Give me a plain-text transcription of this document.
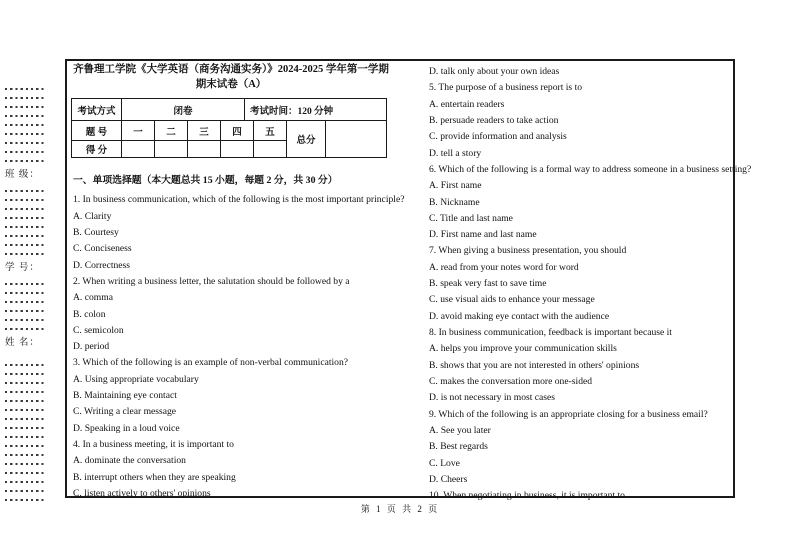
班 级：
学 号：
姓 名：
齐鲁理工学院《大学英语（商务沟通实务）》2024-2025 学年第一学期
期末试卷（A）
考试方式	闭卷				考试时间：120 分钟			
题 号	一	二	三	四		五	总分	
得 分								
一、单项选择题（本大题总共 15 小题，每题 2 分，共 30 分）
1. In business communication, which of the following is the most important principle?
A. Clarity
B. Courtesy
C. Conciseness
D. Correctness
2. When writing a business letter, the salutation should be followed by a
A. comma
B. colon
C. semicolon
D. period
3. Which of the following is an example of non-verbal communication?
A. Using appropriate vocabulary
B. Maintaining eye contact
C. Writing a clear message
D. Speaking in a loud voice
4. In a business meeting, it is important to
A. dominate the conversation
B. interrupt others when they are speaking
C. listen actively to others' opinions
D. talk only about your own ideas
5. The purpose of a business report is to
A. entertain readers
B. persuade readers to take action
C. provide information and analysis
D. tell a story
6. Which of the following is a formal way to address someone in a business setting?
A. First name
B. Nickname
C. Title and last name
D. First name and last name
7. When giving a business presentation, you should
A. read from your notes word for word
B. speak very fast to save time
C. use visual aids to enhance your message
D. avoid making eye contact with the audience
8. In business communication, feedback is important because it
A. helps you improve your communication skills
B. shows that you are not interested in others' opinions
C. makes the conversation more one-sided
D. is not necessary in most cases
9. Which of the following is an appropriate closing for a business email?
A. See you later
B. Best regards
C. Love
D. Cheers
10. When negotiating in business, it is important to
第 1 页 共 2 页
